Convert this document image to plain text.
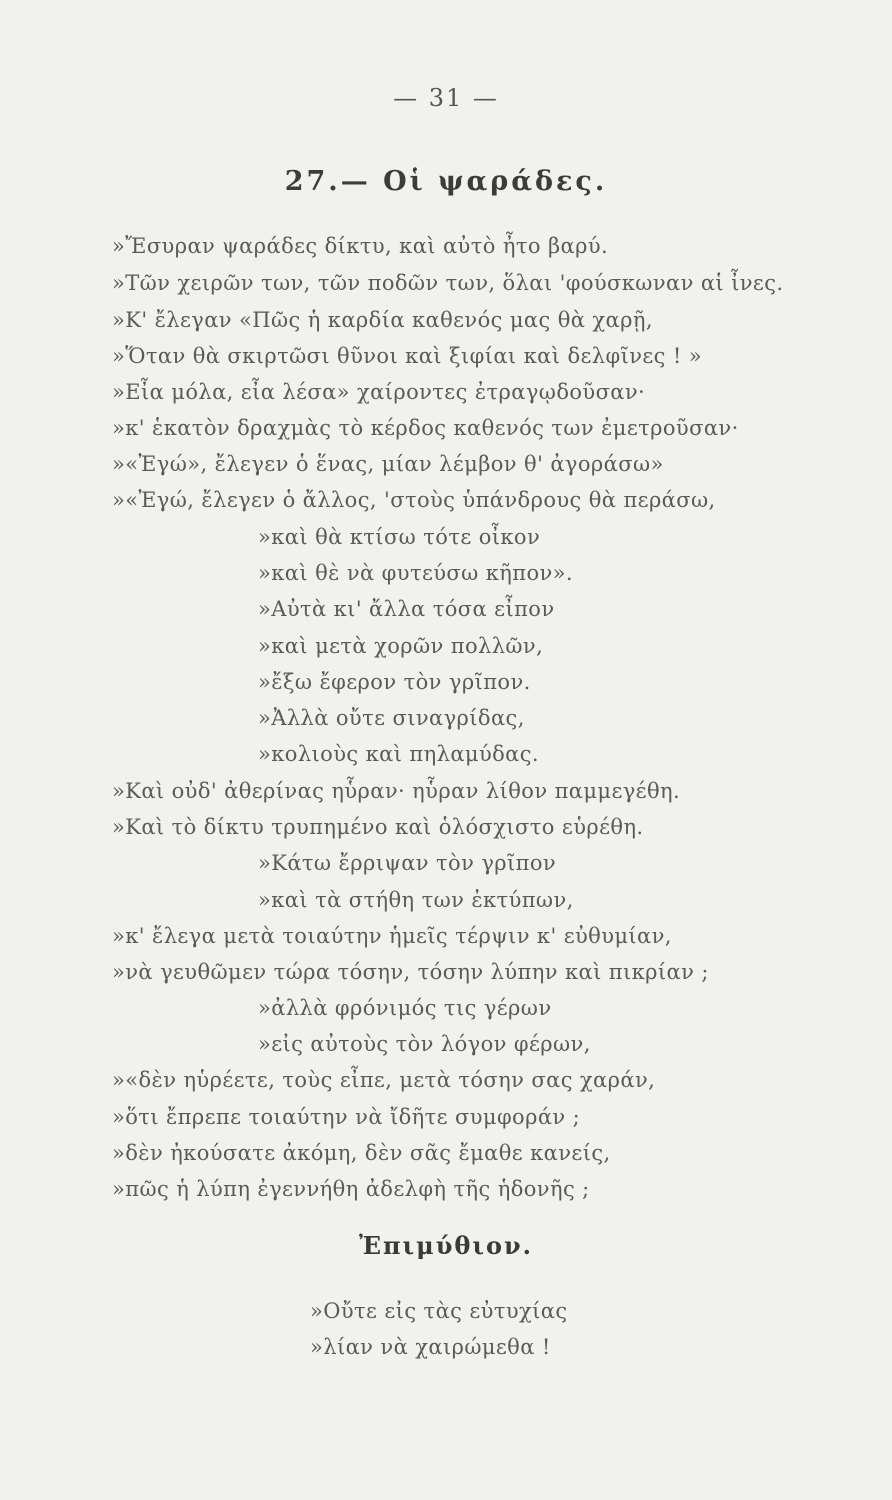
— 31 —
27.— Οἱ ψαράδες.
»Ἔσυραν ψαράδες δίκτυ, καὶ αὐτὸ ἦτο βαρύ.
»Τῶν χειρῶν των, τῶν ποδῶν των, ὅλαι 'φούσκωναν αἱ ἶνες.
»Κ' ἔλεγαν «Πῶς ἡ καρδία καθενός μας θὰ χαρῇ,
»Ὅταν θὰ σκιρτῶσι θῦνοι καὶ ξιφίαι καὶ δελφῖνες ! »
»Εἶα μόλα, εἶα λέσα» χαίροντες ἐτραγῳδοῦσαν·
»κ' ἑκατὸν δραχμὰς τὸ κέρδος καθενός των ἐμετροῦσαν·
»«Ἐγώ», ἔλεγεν ὁ ἕνας, μίαν λέμβον θ' ἀγοράσω»
»«Ἐγώ, ἔλεγεν ὁ ἄλλος, 'στοὺς ὑπάνδρους θὰ περάσω,
»καὶ θὰ κτίσω τότε οἶκον
»καὶ θὲ νὰ φυτεύσω κῆπον».
»Αὐτὰ κι' ἄλλα τόσα εἶπον
»καὶ μετὰ χορῶν πολλῶν,
»ἔξω ἔφερον τὸν γρῖπον.
»Ἀλλὰ οὔτε σιναγρίδας,
»κολιοὺς καὶ πηλαμύδας.
»Καὶ οὐδ' ἀθερίνας ηὗραν· ηὗραν λίθον παμμεγέθη.
»Καὶ τὸ δίκτυ τρυπημένο καὶ ὁλόσχιστο εὑρέθη.
»Κάτω ἔρριψαν τὸν γρῖπον
»καὶ τὰ στήθη των ἐκτύπων,
»κ' ἔλεγα μετὰ τοιαύτην ἡμεῖς τέρψιν κ' εὐθυμίαν,
»νὰ γευθῶμεν τώρα τόσην, τόσην λύπην καὶ πικρίαν ;
»ἀλλὰ φρόνιμός τις γέρων
»εἰς αὐτοὺς τὸν λόγον φέρων,
»«δὲν ηὑρέετε, τοὺς εἶπε, μετὰ τόσην σας χαράν,
»ὅτι ἔπρεπε τοιαύτην νὰ ἴδῆτε συμφοράν ;
»δὲν ἠκούσατε ἀκόμη, δὲν σᾶς ἔμαθε κανείς,
»πῶς ἡ λύπη ἐγεννήθη ἀδελφὴ τῆς ἡδονῆς ;
Ἐπιμύθιον.
»Οὔτε εἰς τὰς εὐτυχίας
»λίαν νὰ χαιρώμεθα !
